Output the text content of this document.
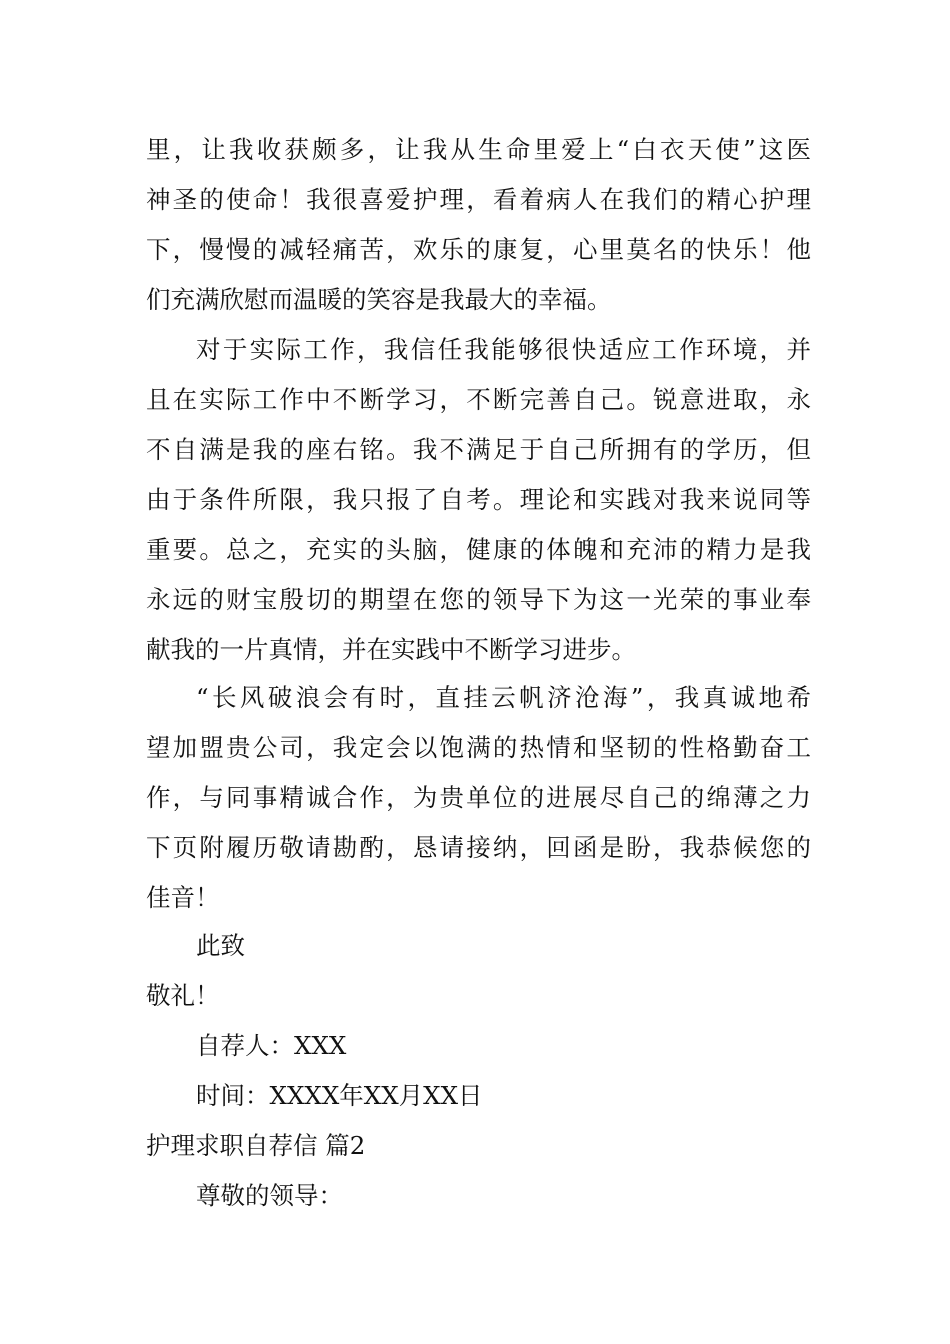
里，让我收获颇多，让我从生命里爱上“白衣天使”这医
神圣的使命！我很喜爱护理，看着病人在我们的精心护理
下，慢慢的减轻痛苦，欢乐的康复，心里莫名的快乐！他
们充满欣慰而温暖的笑容是我最大的幸福。
对于实际工作，我信任我能够很快适应工作环境，并
且在实际工作中不断学习，不断完善自己。锐意进取，永
不自满是我的座右铭。我不满足于自己所拥有的学历，但
由于条件所限，我只报了自考。理论和实践对我来说同等
重要。总之，充实的头脑，健康的体魄和充沛的精力是我
永远的财宝殷切的期望在您的领导下为这一光荣的事业奉
献我的一片真情，并在实践中不断学习进步。
“长风破浪会有时，直挂云帆济沧海”，我真诚地希
望加盟贵公司，我定会以饱满的热情和坚韧的性格勤奋工
作，与同事精诚合作，为贵单位的进展尽自己的绵薄之力
下页附履历敬请勘酌，恳请接纳，回函是盼，我恭候您的
佳音！
此致
敬礼！
自荐人：XXX
时间：XXXX年XX月XX日
护理求职自荐信 篇2
尊敬的领导：
